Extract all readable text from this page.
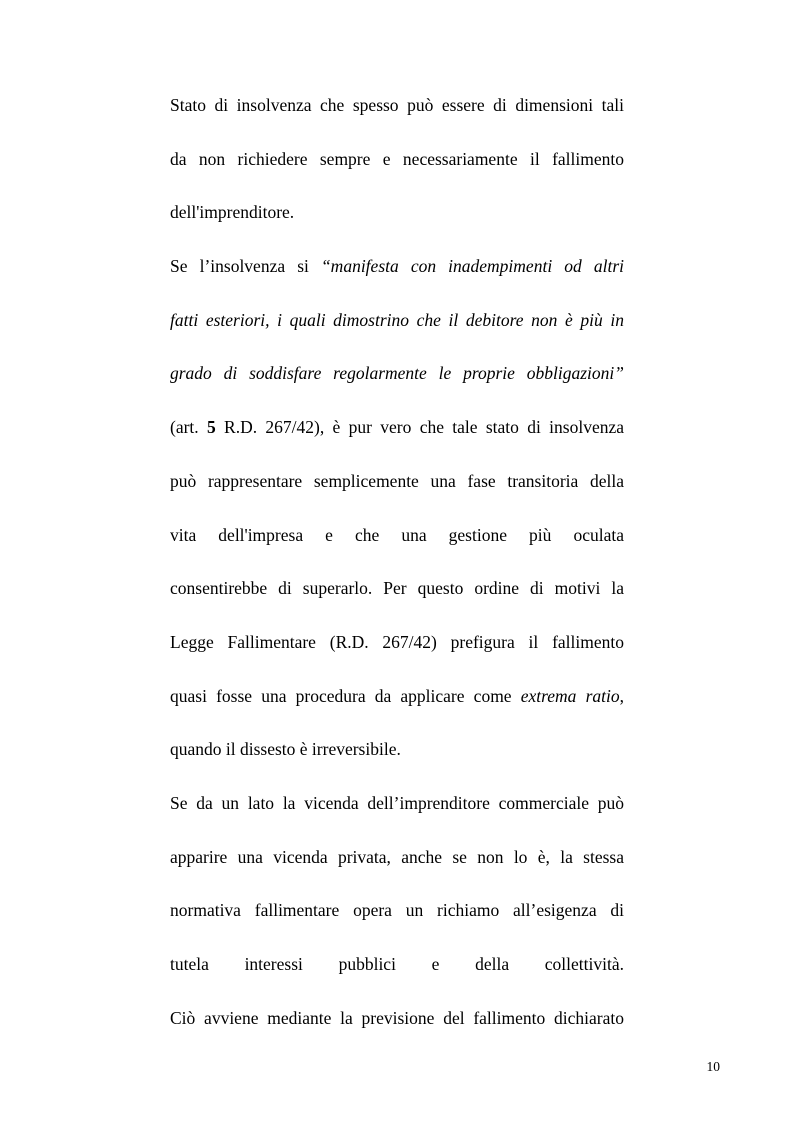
Stato di insolvenza che spesso può essere di dimensioni tali
da non richiedere sempre e necessariamente il fallimento
dell'imprenditore.
Se l’insolvenza si “manifesta con inadempimenti od altri
fatti esteriori, i quali dimostrino che il debitore non è più in
grado di soddisfare regolarmente le proprie obbligazioni”
(art. 5 R.D. 267/42), è pur vero che tale stato di insolvenza
può rappresentare semplicemente una fase transitoria della
vita dell'impresa e che una gestione più oculata
consentirebbe di superarlo. Per questo ordine di motivi la
Legge Fallimentare (R.D. 267/42) prefigura il fallimento
quasi fosse una procedura da applicare come extrema ratio,
quando il dissesto è irreversibile.
Se da un lato la vicenda dell’imprenditore commerciale può
apparire una vicenda privata, anche se non lo è, la stessa
normativa fallimentare opera un richiamo all’esigenza di
tutela interessi pubblici e della collettività.
Ciò avviene mediante la previsione del fallimento dichiarato
10
